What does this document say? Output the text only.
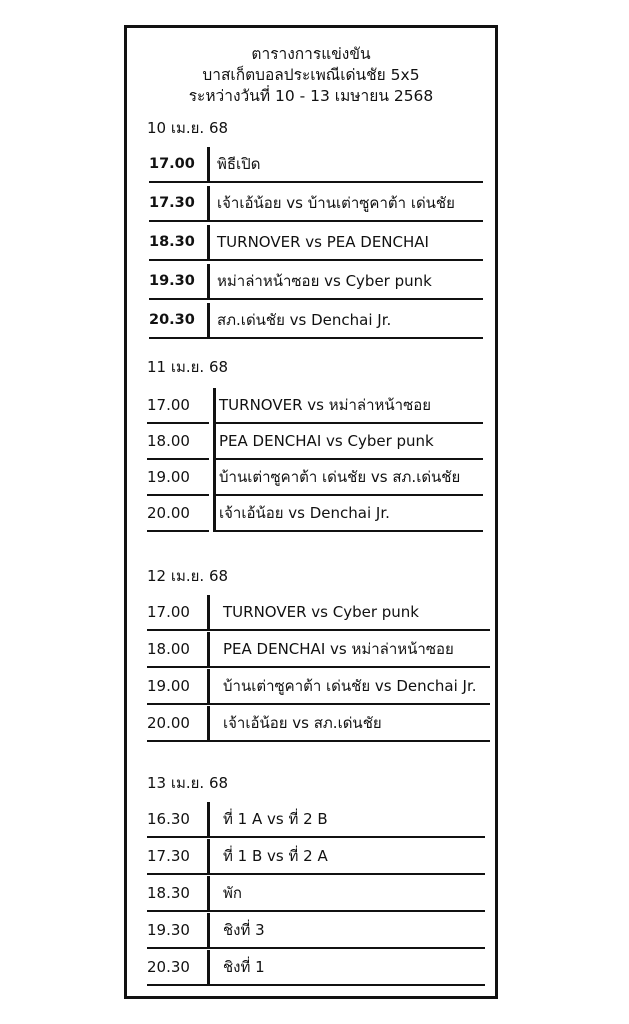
ตารางการแข่งขัน
บาสเก็ตบอลประเพณีเด่นชัย 5x5
ระหว่างวันที่ 10 - 13 เมษายน 2568
10 เม.ย. 68
17.00 พิธีเปิด
17.30 เจ้าเอ้น้อย vs บ้านเต่าซูคาต้า เด่นชัย
18.30 TURNOVER vs PEA DENCHAI
19.30 หม่าล่าหน้าซอย vs Cyber punk
20.30 สภ.เด่นชัย vs Denchai Jr.
11 เม.ย. 68
17.00 TURNOVER vs หม่าล่าหน้าซอย
18.00 PEA DENCHAI vs Cyber punk
19.00 บ้านเต่าซูคาต้า เด่นชัย vs สภ.เด่นชัย
20.00 เจ้าเอ้น้อย vs Denchai Jr.
12 เม.ย. 68
17.00 TURNOVER vs Cyber punk
18.00 PEA DENCHAI vs หม่าล่าหน้าซอย
19.00 บ้านเต่าซูคาต้า เด่นชัย vs Denchai Jr.
20.00 เจ้าเอ้น้อย vs สภ.เด่นชัย
13 เม.ย. 68
16.30 ที่ 1 A vs ที่ 2 B
17.30 ที่ 1 B vs ที่ 2 A
18.30 พัก
19.30 ชิงที่ 3
20.30 ชิงที่ 1
